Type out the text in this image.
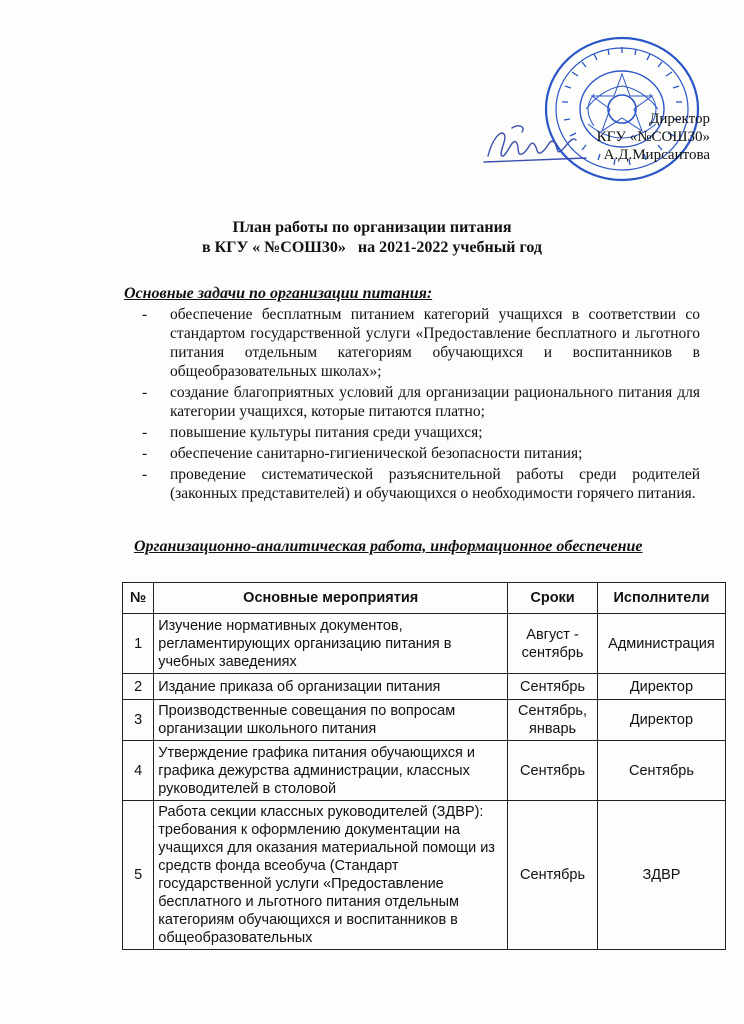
Директор
КГУ «№СОШ30»
А.Д.Мирсаитова
План работы по организации питания
в КГУ « №СОШ30»   на 2021-2022 учебный год
Основные задачи по организации питания:
- обеспечение бесплатным питанием категорий учащихся в соответствии со стандартом государственной услуги «Предоставление бесплатного и льготного питания отдельным категориям обучающихся и воспитанников в общеобразовательных школах»;
- создание благоприятных условий для организации рационального питания для категории учащихся, которые питаются платно;
- повышение культуры питания среди учащихся;
- обеспечение санитарно-гигиенической безопасности питания;
- проведение систематической разъяснительной работы среди родителей (законных представителей) и обучающихся о необходимости горячего питания.
Организационно-аналитическая работа, информационное обеспечение
№	Основные мероприятия	Сроки	Исполнители
1	Изучение нормативных документов, регламентирующих организацию питания в учебных заведениях	Август - сентябрь	Администрация
2	Издание приказа об организации питания	Сентябрь	Директор
3	Производственные совещания по вопросам организации школьного питания	Сентябрь, январь	Директор
4	Утверждение графика питания обучающихся и графика дежурства администрации, классных руководителей в столовой	Сентябрь	Сентябрь
5	Работа секции классных руководителей (ЗДВР): требования к оформлению документации на учащихся для оказания материальной помощи из средств фонда всеобуча (Стандарт государственной услуги «Предоставление бесплатного и льготного питания отдельным категориям обучающихся и воспитанников в общеобразовательных	Сентябрь	ЗДВР
